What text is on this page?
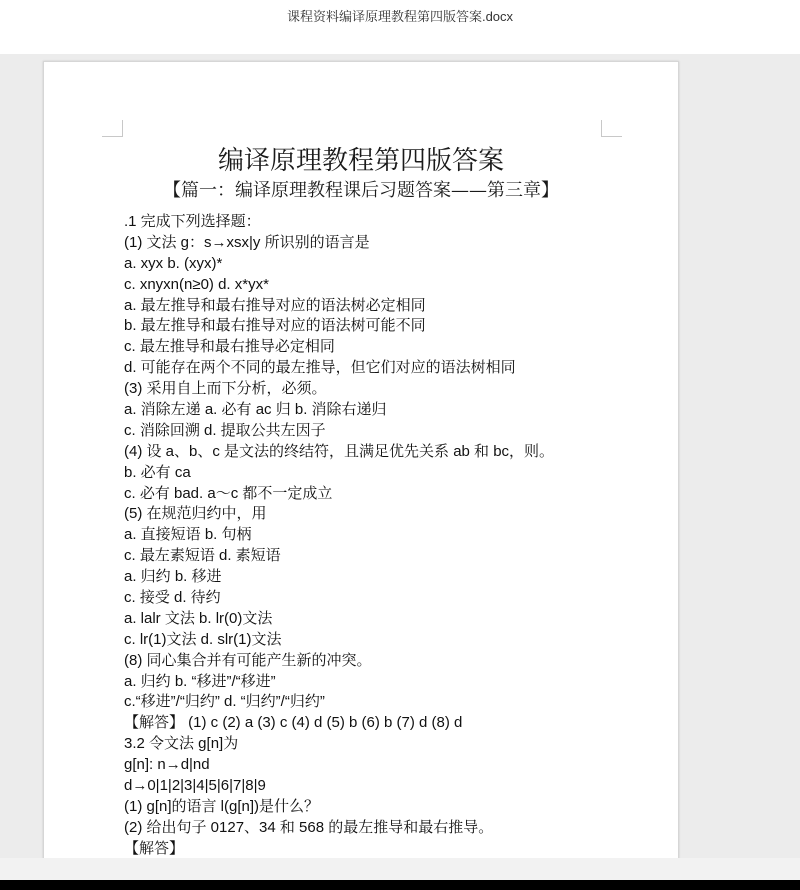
课程资料编译原理教程第四版答案.docx
编译原理教程第四版答案
【篇一：编译原理教程课后习题答案——第三章】
.1 完成下列选择题：
(1) 文法 g：s→xsx|y 所识别的语言是
a. xyx b. (xyx)*
c. xnyxn(n≥0) d. x*yx*
a. 最左推导和最右推导对应的语法树必定相同
b. 最左推导和最右推导对应的语法树可能不同
c. 最左推导和最右推导必定相同
d. 可能存在两个不同的最左推导，但它们对应的语法树相同
(3) 采用自上而下分析，必须。
a. 消除左递 a. 必有 ac 归 b. 消除右递归
c. 消除回溯 d. 提取公共左因子
(4) 设 a、b、c 是文法的终结符，且满足优先关系 ab 和 bc，则。
b. 必有 ca
c. 必有 bad. a～c 都不一定成立
(5) 在规范归约中，用
a. 直接短语 b. 句柄
c. 最左素短语 d. 素短语
a. 归约 b. 移进
c. 接受 d. 待约
a. lalr 文法 b. lr(0)文法
c. lr(1)文法 d. slr(1)文法
(8) 同心集合并有可能产生新的冲突。
a. 归约 b. “移进”/“移进”
c.“移进”/“归约” d. “归约”/“归约”
【解答】 (1) c (2) a (3) c (4) d (5) b (6) b (7) d (8) d
3.2 令文法 g[n]为
g[n]: n→d|nd
d→0|1|2|3|4|5|6|7|8|9
(1) g[n]的语言 l(g[n])是什么？
(2) 给出句子 0127、34 和 568 的最左推导和最右推导。
【解答】
